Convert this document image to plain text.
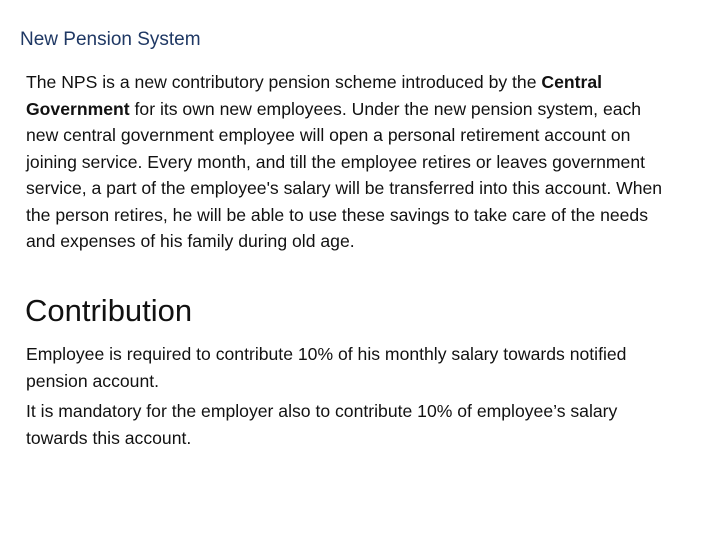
New Pension System

The NPS is a new contributory pension scheme introduced by the Central Government for its own new employees. Under the new pension system, each new central government employee will open a personal retirement account on joining service. Every month, and till the employee retires or leaves government service, a part of the employee's salary will be transferred into this account. When the person retires, he will be able to use these savings to take care of the needs and expenses of his family during old age.

Contribution

Employee is required to contribute 10% of his monthly salary towards notified pension account.

It is mandatory for the employer also to contribute 10% of employee’s salary towards this account.
